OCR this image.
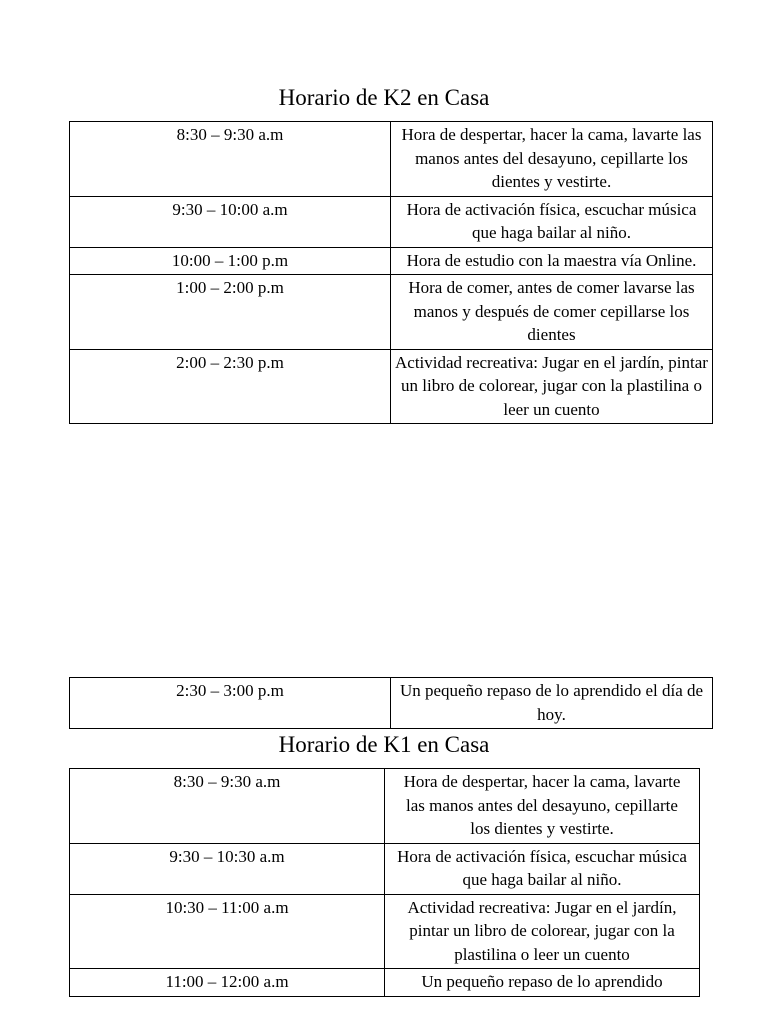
Horario de K2 en Casa
8:30 – 9:30 a.m	Hora de despertar, hacer la cama, lavarte las manos antes del desayuno, cepillarte los dientes y vestirte.
9:30 – 10:00 a.m	Hora de activación física, escuchar música que haga bailar al niño.
10:00 – 1:00 p.m	Hora de estudio con la maestra vía Online.
1:00 – 2:00 p.m	Hora de comer, antes de comer lavarse las manos y después de comer cepillarse los dientes
2:00 – 2:30 p.m	Actividad recreativa: Jugar en el jardín, pintar un libro de colorear, jugar con la plastilina o leer un cuento
2:30 – 3:00 p.m	Un pequeño repaso de lo aprendido el día de hoy.
Horario de K1 en Casa
8:30 – 9:30 a.m	Hora de despertar, hacer la cama, lavarte las manos antes del desayuno, cepillarte los dientes y vestirte.
9:30 – 10:30 a.m	Hora de activación física, escuchar música que haga bailar al niño.
10:30 – 11:00 a.m	Actividad recreativa: Jugar en el jardín, pintar un libro de colorear, jugar con la plastilina o leer un cuento
11:00 – 12:00 a.m	Un pequeño repaso de lo aprendido
